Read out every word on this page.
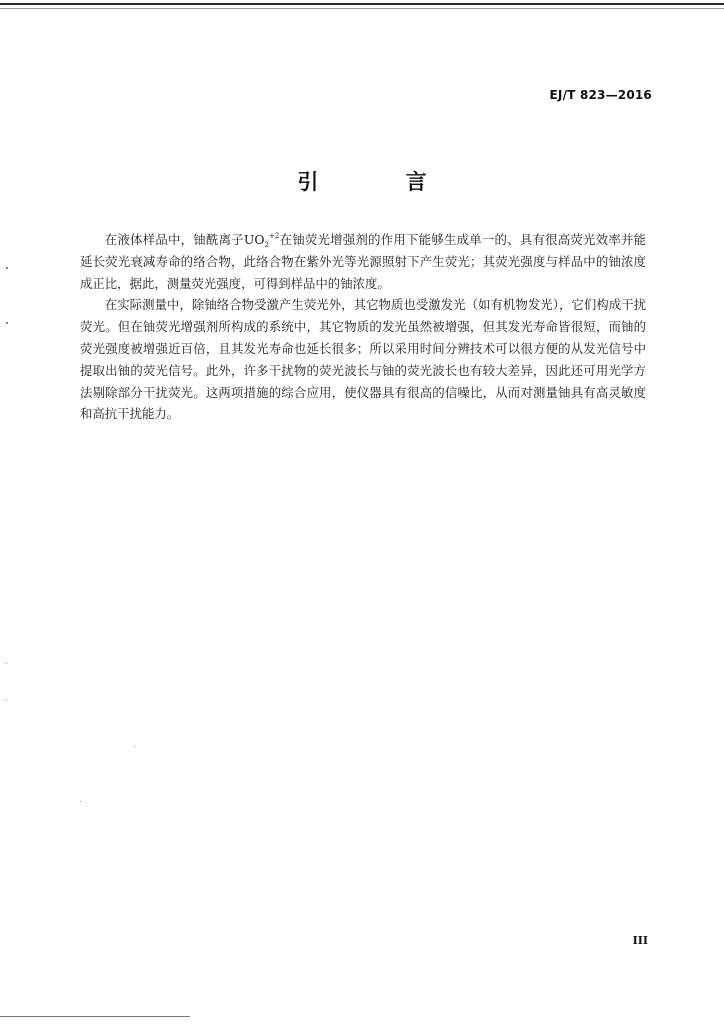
EJ/T 823—2016
引 言

在液体样品中，铀酰离子$UO_2^{+2}$在铀荧光增强剂的作用下能够生成单一的、具有很高荧光效率并能延长荧光衰减寿命的络合物，此络合物在紫外光等光源照射下产生荧光；其荧光强度与样品中的铀浓度成正比，据此，测量荧光强度，可得到样品中的铀浓度。

在实际测量中，除铀络合物受激产生荧光外，其它物质也受激发光（如有机物发光），它们构成干扰荧光。但在铀荧光增强剂所构成的系统中，其它物质的发光虽然被增强，但其发光寿命皆很短，而铀的荧光强度被增强近百倍，且其发光寿命也延长很多；所以采用时间分辨技术可以很方便的从发光信号中提取出铀的荧光信号。此外，许多干扰物的荧光波长与铀的荧光波长也有较大差异，因此还可用光学方法剔除部分干扰荧光。这两项措施的综合应用，使仪器具有很高的信噪比，从而对测量铀具有高灵敏度和高抗干扰能力。

III
